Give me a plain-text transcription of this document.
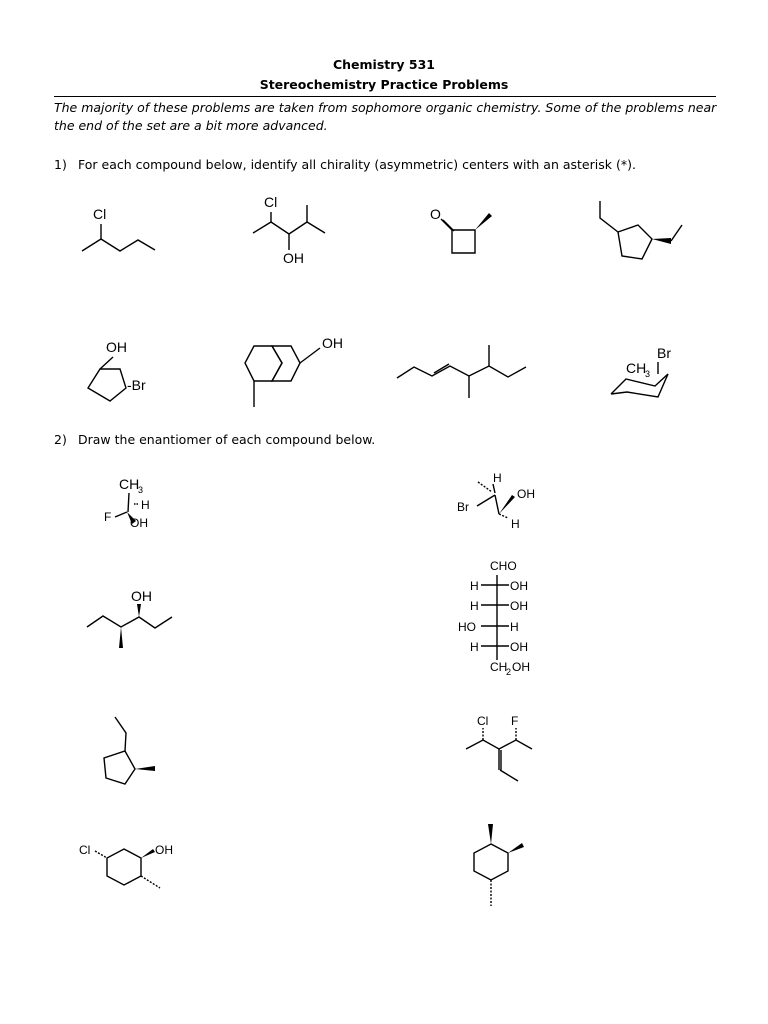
Chemistry 531
Stereochemistry Practice Problems
The majority of these problems are taken from sophomore organic chemistry. Some of the problems near the end of the set are a bit more advanced.
1) For each compound below, identify all chirality (asymmetric) centers with an asterisk (*).
2) Draw the enantiomer of each compound below.
Cl
Cl
OH
O
OH
-Br
OH
Br
CH
3
CH
3
H
F OH
OH
Cl	OH
H
Br
OH
H
CHO
H	OH
H	OH
HO	H
H	OH
CH
2 OH
Cl F
